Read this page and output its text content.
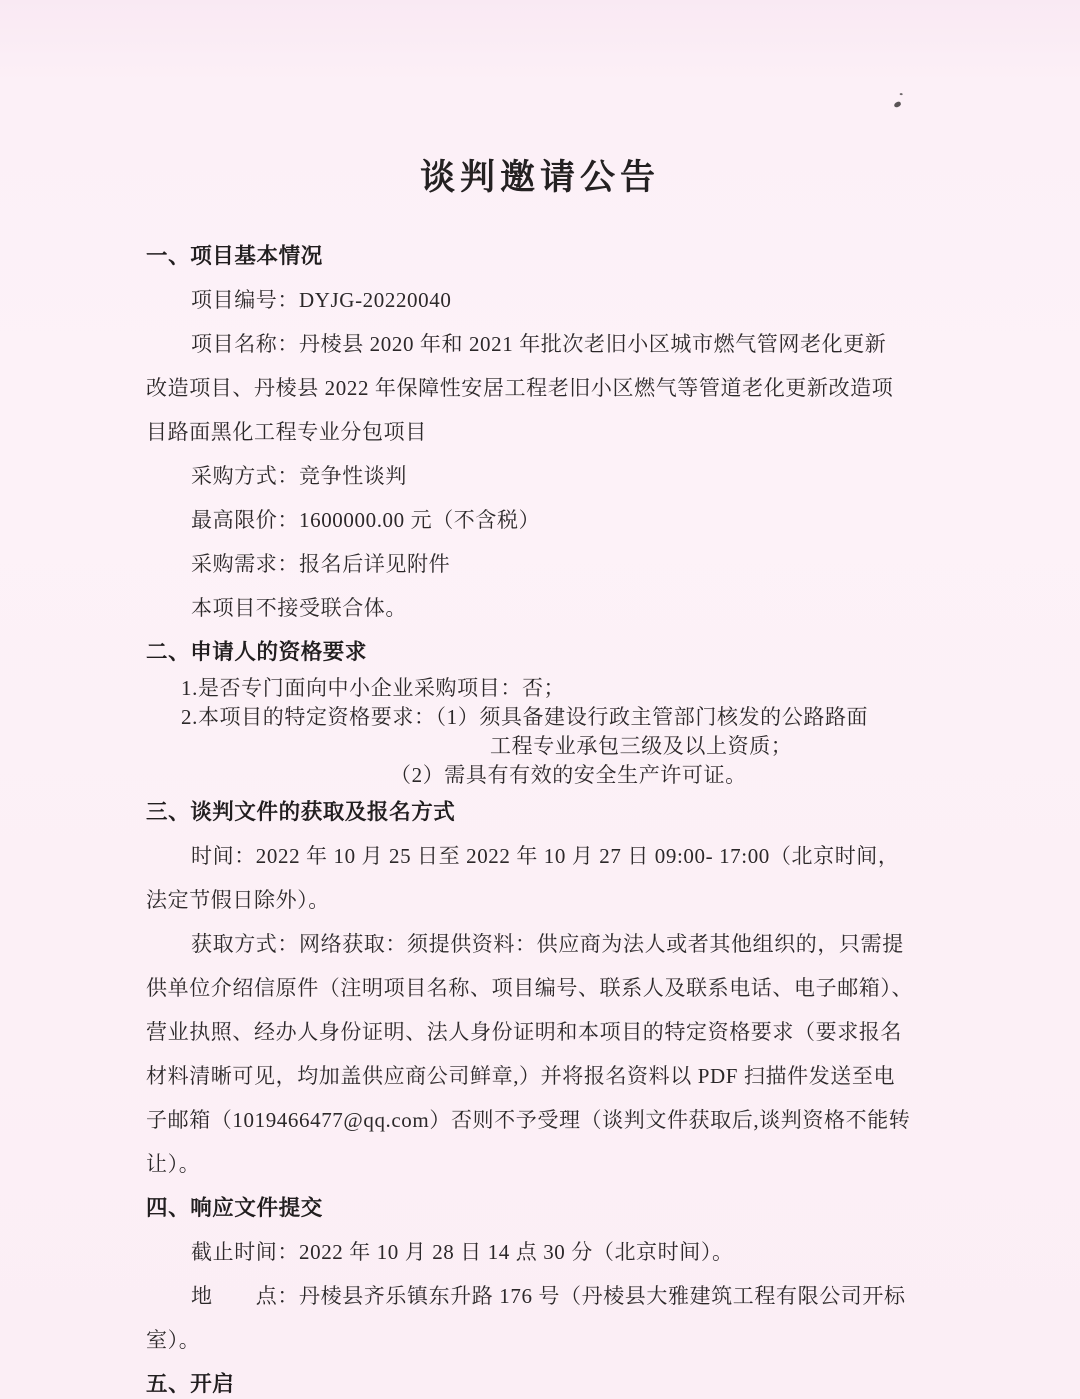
谈判邀请公告
一、项目基本情况
项目编号：DYJG-20220040
项目名称：丹棱县 2020 年和 2021 年批次老旧小区城市燃气管网老化更新
改造项目、丹棱县 2022 年保障性安居工程老旧小区燃气等管道老化更新改造项
目路面黑化工程专业分包项目
采购方式：竞争性谈判
最高限价：1600000.00 元（不含税）
采购需求：报名后详见附件
本项目不接受联合体。
二、申请人的资格要求
1.是否专门面向中小企业采购项目：否；
2.本项目的特定资格要求：（1）须具备建设行政主管部门核发的公路路面
工程专业承包三级及以上资质；
（2）需具有有效的安全生产许可证。
三、谈判文件的获取及报名方式
时间：2022 年 10 月 25 日至 2022 年 10 月 27 日 09:00- 17:00（北京时间，
法定节假日除外）。
获取方式：网络获取：须提供资料：供应商为法人或者其他组织的，只需提
供单位介绍信原件（注明项目名称、项目编号、联系人及联系电话、电子邮箱）、
营业执照、经办人身份证明、法人身份证明和本项目的特定资格要求（要求报名
材料清晰可见，均加盖供应商公司鲜章,）并将报名资料以 PDF 扫描件发送至电
子邮箱（1019466477@qq.com）否则不予受理（谈判文件获取后,谈判资格不能转
让）。
四、响应文件提交
截止时间：2022 年 10 月 28 日 14 点 30 分（北京时间）。
地　　点：丹棱县齐乐镇东升路 176 号（丹棱县大雅建筑工程有限公司开标
室）。
五、开启
